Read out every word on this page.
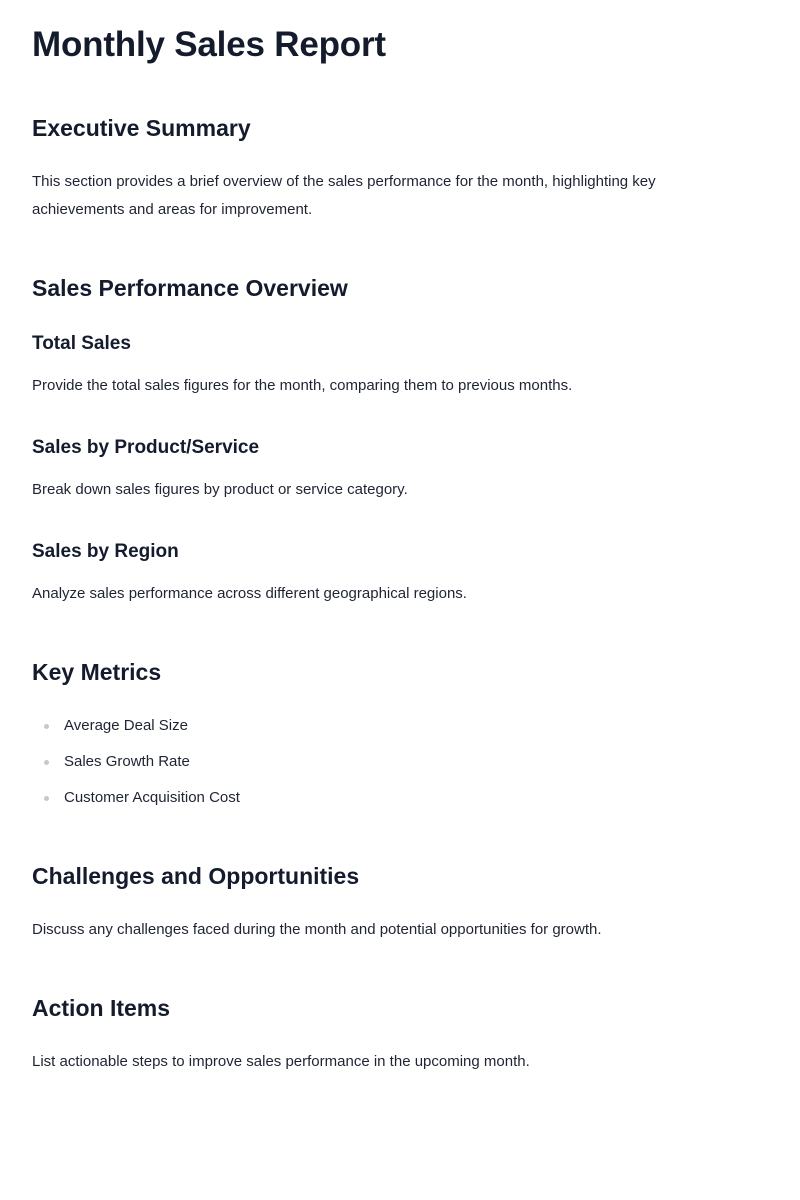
Monthly Sales Report
Executive Summary

This section provides a brief overview of the sales performance for the month, highlighting key
achievements and areas for improvement.

Sales Performance Overview
Total Sales

Provide the total sales figures for the month, comparing them to previous months.

Sales by Product/Service

Break down sales figures by product or service category.

Sales by Region

Analyze sales performance across different geographical regions.

Key Metrics
Average Deal Size
Sales Growth Rate
Customer Acquisition Cost
Challenges and Opportunities

Discuss any challenges faced during the month and potential opportunities for growth.

Action Items

List actionable steps to improve sales performance in the upcoming month.
